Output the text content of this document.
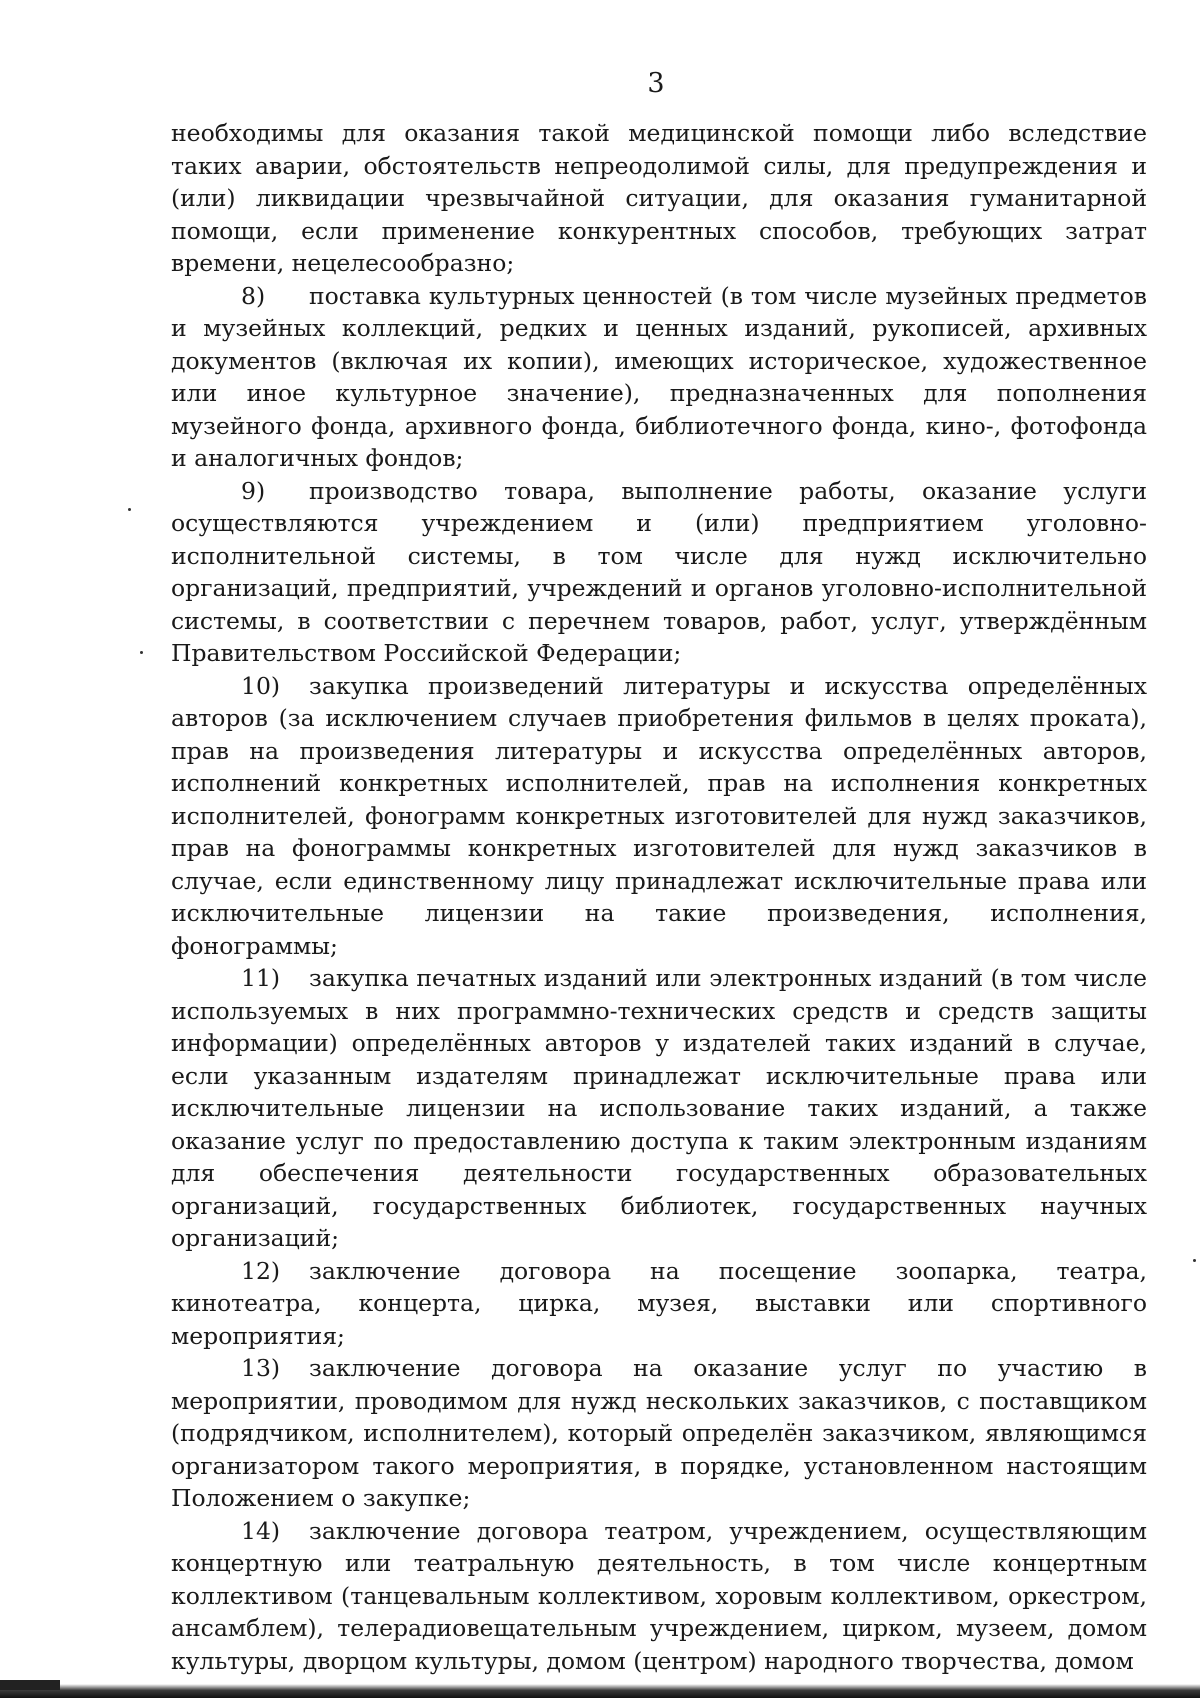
3

необходимы для оказания такой медицинской помощи либо вследствие таких аварии, обстоятельств непреодолимой силы, для предупреждения и (или) ликвидации чрезвычайной ситуации, для оказания гуманитарной помощи, если применение конкурентных способов, требующих затрат времени, нецелесообразно;

8) поставка культурных ценностей (в том числе музейных предметов и музейных коллекций, редких и ценных изданий, рукописей, архивных документов (включая их копии), имеющих историческое, художественное или иное культурное значение), предназначенных для пополнения музейного фонда, архивного фонда, библиотечного фонда, кино-, фотофонда и аналогичных фондов;

9) производство товара, выполнение работы, оказание услуги осуществляются учреждением и (или) предприятием уголовно-исполнительной системы, в том числе для нужд исключительно организаций, предприятий, учреждений и органов уголовно-исполнительной системы, в соответствии с перечнем товаров, работ, услуг, утверждённым Правительством Российской Федерации;

10) закупка произведений литературы и искусства определённых авторов (за исключением случаев приобретения фильмов в целях проката), прав на произведения литературы и искусства определённых авторов, исполнений конкретных исполнителей, прав на исполнения конкретных исполнителей, фонограмм конкретных изготовителей для нужд заказчиков, прав на фонограммы конкретных изготовителей для нужд заказчиков в случае, если единственному лицу принадлежат исключительные права или исключительные лицензии на такие произведения, исполнения, фонограммы;

11) закупка печатных изданий или электронных изданий (в том числе используемых в них программно-технических средств и средств защиты информации) определённых авторов у издателей таких изданий в случае, если указанным издателям принадлежат исключительные права или исключительные лицензии на использование таких изданий, а также оказание услуг по предоставлению доступа к таким электронным изданиям для обеспечения деятельности государственных образовательных организаций, государственных библиотек, государственных научных организаций;

12) заключение договора на посещение зоопарка, театра, кинотеатра, концерта, цирка, музея, выставки или спортивного мероприятия;

13) заключение договора на оказание услуг по участию в мероприятии, проводимом для нужд нескольких заказчиков, с поставщиком (подрядчиком, исполнителем), который определён заказчиком, являющимся организатором такого мероприятия, в порядке, установленном настоящим Положением о закупке;

14) заключение договора театром, учреждением, осуществляющим концертную или театральную деятельность, в том числе концертным коллективом (танцевальным коллективом, хоровым коллективом, оркестром, ансамблем), телерадиовещательным учреждением, цирком, музеем, домом культуры, дворцом культуры, домом (центром) народного творчества, домом
